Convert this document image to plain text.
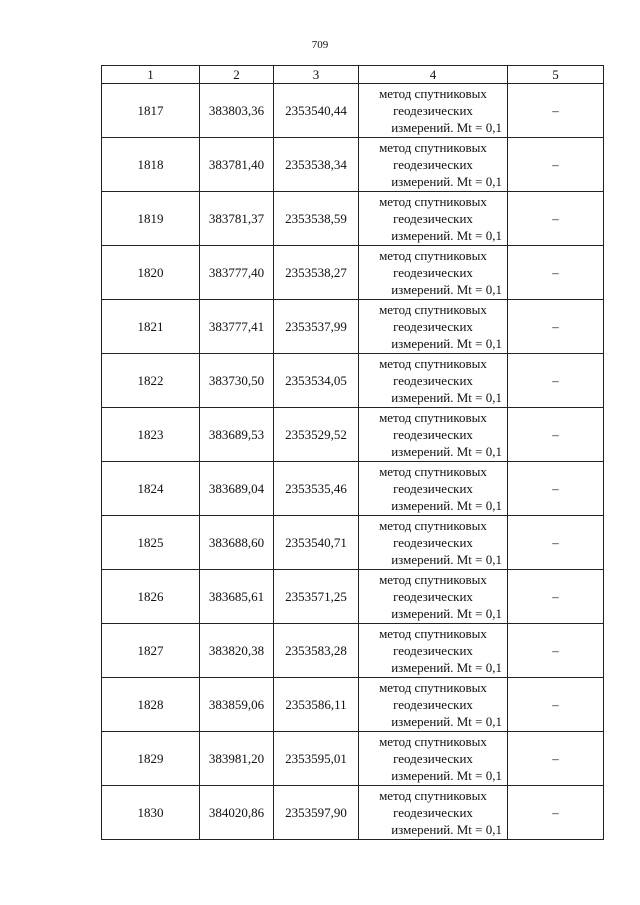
709
1	2	3	4	5
1817	383803,36	2353540,44	метод спутниковых
геодезических
измерений. Mt = 0,1	–
1818	383781,40	2353538,34	метод спутниковых
геодезических
измерений. Mt = 0,1	–
1819	383781,37	2353538,59	метод спутниковых
геодезических
измерений. Mt = 0,1	–
1820	383777,40	2353538,27	метод спутниковых
геодезических
измерений. Mt = 0,1	–
1821	383777,41	2353537,99	метод спутниковых
геодезических
измерений. Mt = 0,1	–
1822	383730,50	2353534,05	метод спутниковых
геодезических
измерений. Mt = 0,1	–
1823	383689,53	2353529,52	метод спутниковых
геодезических
измерений. Mt = 0,1	–
1824	383689,04	2353535,46	метод спутниковых
геодезических
измерений. Mt = 0,1	–
1825	383688,60	2353540,71	метод спутниковых
геодезических
измерений. Mt = 0,1	–
1826	383685,61	2353571,25	метод спутниковых
геодезических
измерений. Mt = 0,1	–
1827	383820,38	2353583,28	метод спутниковых
геодезических
измерений. Mt = 0,1	–
1828	383859,06	2353586,11	метод спутниковых
геодезических
измерений. Mt = 0,1	–
1829	383981,20	2353595,01	метод спутниковых
геодезических
измерений. Mt = 0,1	–
1830	384020,86	2353597,90	метод спутниковых
геодезических
измерений. Mt = 0,1	–
